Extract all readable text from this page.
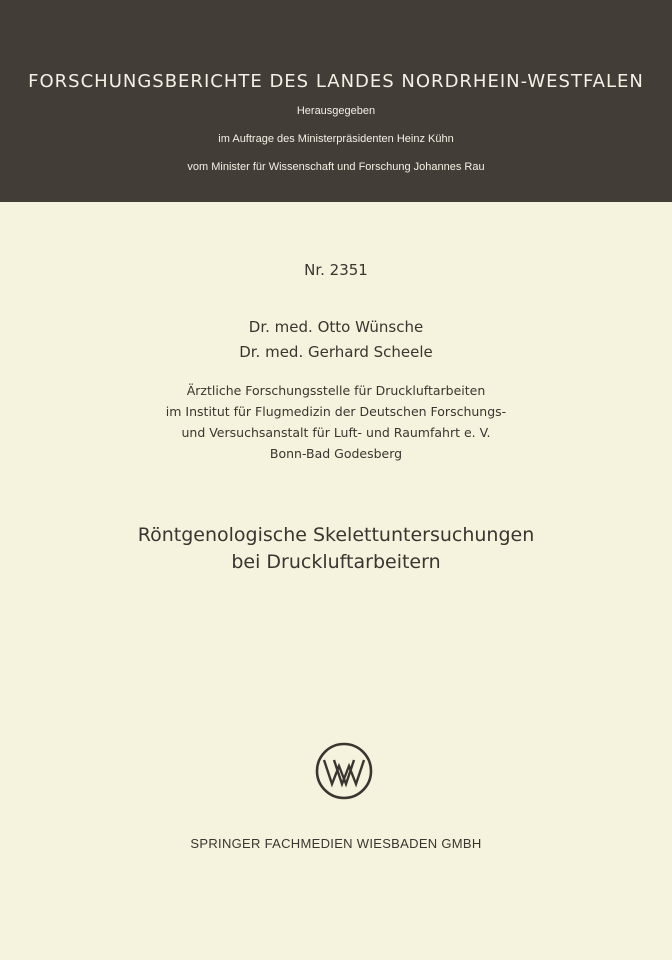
FORSCHUNGSBERICHTE DES LANDES NORDRHEIN-WESTFALEN
Herausgegeben
im Auftrage des Ministerpräsidenten Heinz Kühn
vom Minister für Wissenschaft und Forschung Johannes Rau
Nr. 2351
Dr. med. Otto Wünsche
Dr. med. Gerhard Scheele
Ärztliche Forschungsstelle für Druckluftarbeiten
im Institut für Flugmedizin der Deutschen Forschungs-
und Versuchsanstalt für Luft- und Raumfahrt e. V.
Bonn-Bad Godesberg
Röntgenologische Skelettuntersuchungen
bei Druckluftarbeitern
SPRINGER FACHMEDIEN WIESBADEN GMBH
